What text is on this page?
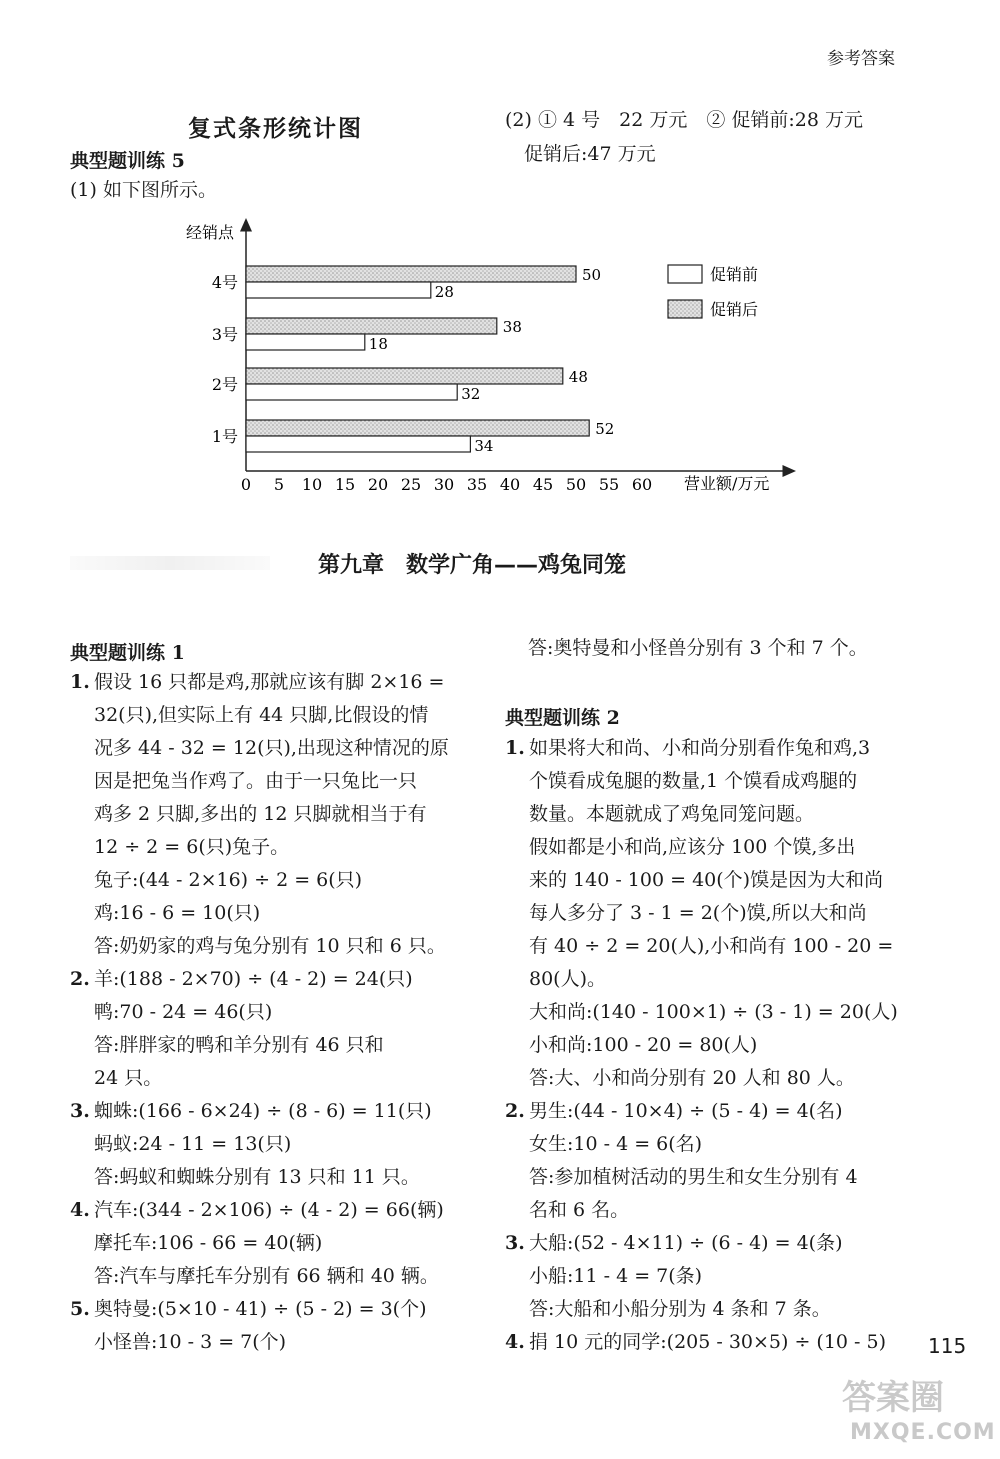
参考答案
复式条形统计图
典型题训练 5
(1) 如下图所示。
(2) ① 4 号　22 万元　② 促销前:28 万元
促销后:47 万元
经销点
营业额/万元
0 5 10 15 20 25 30 35 40 45 50 55 60
1号	52
34
2号	48
32
3号	38
18
4号	50
28
促销前
促销后
第九章　数学广角——鸡兔同笼
典型题训练 1
1. 假设 16 只都是鸡,那就应该有脚 2×16 =
32(只),但实际上有 44 只脚,比假设的情
况多 44 - 32 = 12(只),出现这种情况的原
因是把兔当作鸡了。由于一只兔比一只
鸡多 2 只脚,多出的 12 只脚就相当于有
12 ÷ 2 = 6(只)兔子。
兔子:(44 - 2×16) ÷ 2 = 6(只)
鸡:16 - 6 = 10(只)
答:奶奶家的鸡与兔分别有 10 只和 6 只。
2. 羊:(188 - 2×70) ÷ (4 - 2) = 24(只)
鸭:70 - 24 = 46(只)
答:胖胖家的鸭和羊分别有 46 只和
24 只。
3. 蜘蛛:(166 - 6×24) ÷ (8 - 6) = 11(只)
蚂蚁:24 - 11 = 13(只)
答:蚂蚁和蜘蛛分别有 13 只和 11 只。
4. 汽车:(344 - 2×106) ÷ (4 - 2) = 66(辆)
摩托车:106 - 66 = 40(辆)
答:汽车与摩托车分别有 66 辆和 40 辆。
5. 奥特曼:(5×10 - 41) ÷ (5 - 2) = 3(个)
小怪兽:10 - 3 = 7(个)
答:奥特曼和小怪兽分别有 3 个和 7 个。
典型题训练 2
1. 如果将大和尚、小和尚分别看作兔和鸡,3
个馍看成兔腿的数量,1 个馍看成鸡腿的
数量。本题就成了鸡兔同笼问题。
假如都是小和尚,应该分 100 个馍,多出
来的 140 - 100 = 40(个)馍是因为大和尚
每人多分了 3 - 1 = 2(个)馍,所以大和尚
有 40 ÷ 2 = 20(人),小和尚有 100 - 20 =
80(人)。
大和尚:(140 - 100×1) ÷ (3 - 1) = 20(人)
小和尚:100 - 20 = 80(人)
答:大、小和尚分别有 20 人和 80 人。
2. 男生:(44 - 10×4) ÷ (5 - 4) = 4(名)
女生:10 - 4 = 6(名)
答:参加植树活动的男生和女生分别有 4
名和 6 名。
3. 大船:(52 - 4×11) ÷ (6 - 4) = 4(条)
小船:11 - 4 = 7(条)
答:大船和小船分别为 4 条和 7 条。
4. 捐 10 元的同学:(205 - 30×5) ÷ (10 - 5)	115
答案圈
MXQE.COM
